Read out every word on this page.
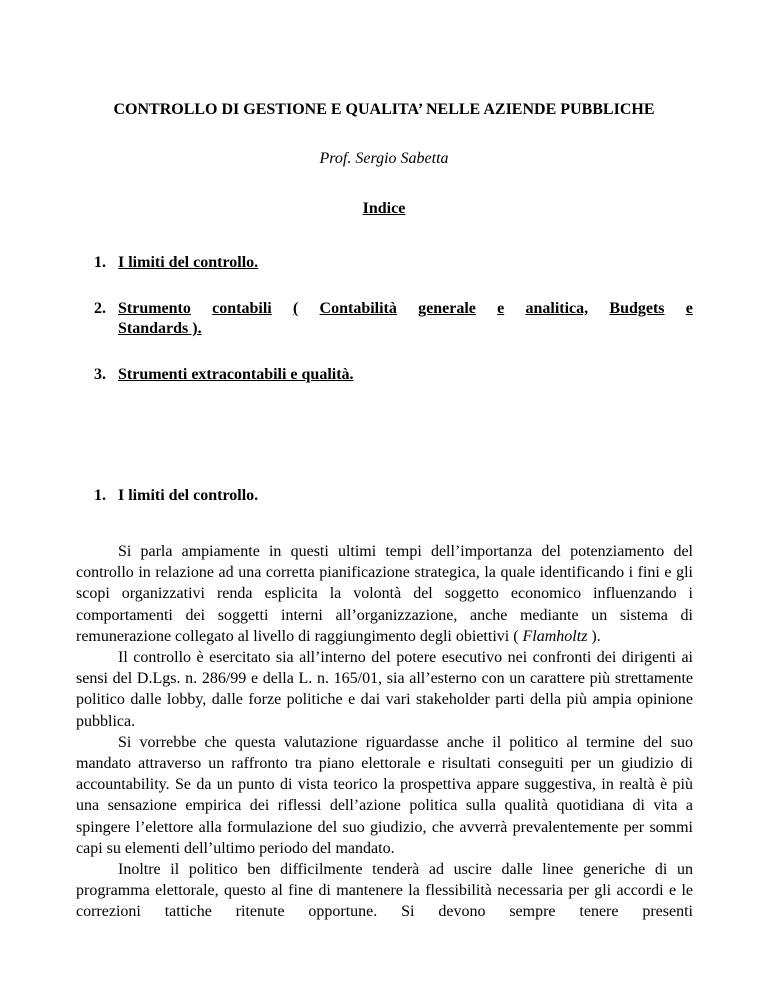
CONTROLLO DI GESTIONE E QUALITA’ NELLE AZIENDE PUBBLICHE
Prof. Sergio Sabetta
Indice
1. I limiti del controllo.
2. Strumento contabili ( Contabilità generale e analitica, Budgets e
Standards ).
3. Strumenti extracontabili e qualità.
1. I limiti del controllo.

Si parla ampiamente in questi ultimi tempi dell’importanza del potenziamento del controllo in relazione ad una corretta pianificazione strategica, la quale identificando i fini e gli scopi organizzativi renda esplicita la volontà del soggetto economico influenzando i comportamenti dei soggetti interni all’organizzazione, anche mediante un sistema di remunerazione collegato al livello di raggiungimento degli obiettivi ( Flamholtz ).

Il controllo è esercitato sia all’interno del potere esecutivo nei confronti dei dirigenti ai sensi del D.Lgs. n. 286/99 e della L. n. 165/01, sia all’esterno con un carattere più strettamente politico dalle lobby, dalle forze politiche e dai vari stakeholder parti della più ampia opinione pubblica.

Si vorrebbe che questa valutazione riguardasse anche il politico al termine del suo mandato attraverso un raffronto tra piano elettorale e risultati conseguiti per un giudizio di accountability. Se da un punto di vista teorico la prospettiva appare suggestiva, in realtà è più una sensazione empirica dei riflessi dell’azione politica sulla qualità quotidiana di vita a spingere l’elettore alla formulazione del suo giudizio, che avverrà prevalentemente per sommi capi su elementi dell’ultimo periodo del mandato.

Inoltre il politico ben difficilmente tenderà ad uscire dalle linee generiche di un programma elettorale, questo al fine di mantenere la flessibilità necessaria per gli accordi e le correzioni tattiche ritenute opportune. Si devono sempre tenere presenti
